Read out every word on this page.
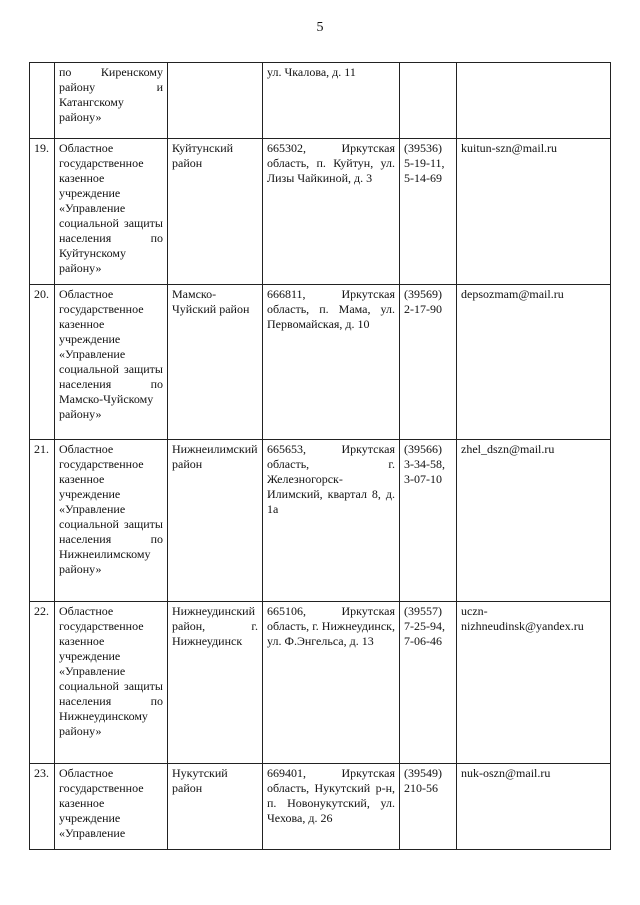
5
	по Киренскому району и Катангскому району»		ул. Чкалова, д. 11		
19.	Областное государственное казенное учреждение «Управление социальной защиты населения по Куйтунскому району»	Куйтунский район	665302, Иркутская область, п. Куйтун, ул. Лизы Чайкиной, д. 3	(39536) 5-19-11, 5-14-69	kuitun-szn@mail.ru
20.	Областное государственное казенное учреждение «Управление социальной защиты населения по Мамско-Чуйскому району»	Мамско-Чуйский район	666811, Иркутская область, п. Мама, ул. Первомайская, д. 10	(39569) 2-17-90	depsozmam@mail.ru
21.	Областное государственное казенное учреждение «Управление социальной защиты населения по Нижнеилимскому району»	Нижнеилимский район	665653, Иркутская область, г. Железногорск-Илимский, квартал 8, д. 1а	(39566) 3-34-58, 3-07-10	zhel_dszn@mail.ru
22.	Областное государственное казенное учреждение «Управление социальной защиты населения по Нижнеудинскому району»	Нижнеудинский район, г. Нижнеудинск	665106, Иркутская область, г. Нижнеудинск, ул. Ф.Энгельса, д. 13	(39557) 7-25-94, 7-06-46	uczn-nizhneudinsk@yandex.ru
23.	Областное государственное казенное учреждение «Управление	Нукутский район	669401, Иркутская область, Нукутский р-н, п. Новонукутский, ул. Чехова, д. 26	(39549) 210-56	nuk-oszn@mail.ru
